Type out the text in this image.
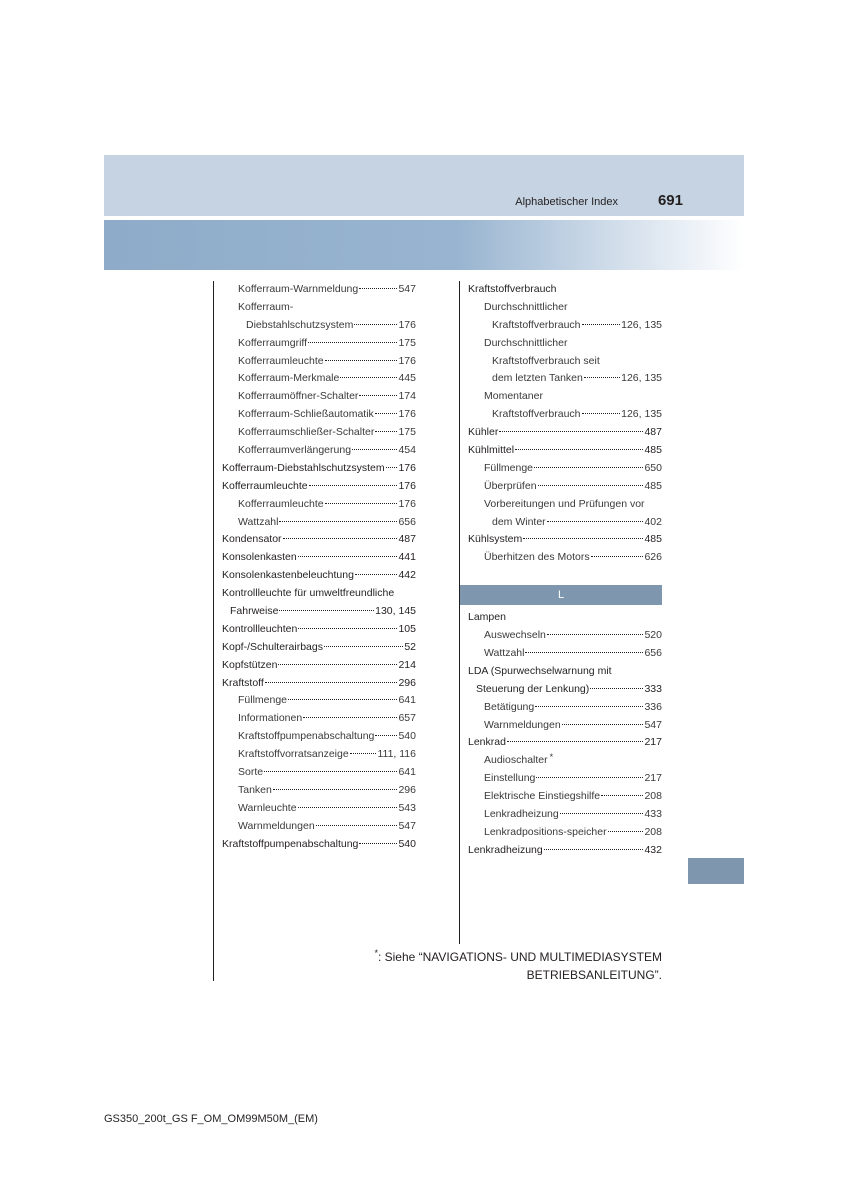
Alphabetischer Index	691
Kofferraum-Warnmeldung	547
Kofferraum-
Diebstahlschutzsystem	176
Kofferraumgriff	175
Kofferraumleuchte	176
Kofferraum-Merkmale	445
Kofferraumöffner-Schalter	174
Kofferraum-Schließautomatik 176
Kofferraumschließer-Schalter 175
Kofferraumverlängerung	454
Kofferraum-Diebstahlschutzsystem 176
Kofferraumleuchte	176
Kofferraumleuchte	176
Wattzahl	656
Kondensator	487
Konsolenkasten	441
Konsolenkastenbeleuchtung	442
Kontrollleuchte für umweltfreundliche
Fahrweise	130, 145
Kontrollleuchten	105
Kopf-/Schulterairbags	52
Kopfstützen	214
Kraftstoff	296
Füllmenge	641
Informationen	657
Kraftstoffpumpenabschaltung 540
Kraftstoffvorratsanzeige	111, 116
Sorte	641
Tanken	296
Warnleuchte	543
Warnmeldungen	547
Kraftstoffpumpenabschaltung	540
Kraftstoffverbrauch
Durchschnittlicher
Kraftstoffverbrauch	126, 135
Durchschnittlicher
Kraftstoffverbrauch seit
dem letzten Tanken	126, 135
Momentaner
Kraftstoffverbrauch	126, 135
Kühler	487
Kühlmittel	485
Füllmenge	650
Überprüfen	485
Vorbereitungen und Prüfungen vor
dem Winter	402
Kühlsystem	485
Überhitzen des Motors	626
L
Lampen
Auswechseln	520
Wattzahl	656
LDA (Spurwechselwarnung mit
Steuerung der Lenkung)	333
Betätigung	336
Warnmeldungen	547
Lenkrad	217
Audioschalter *
Einstellung	217
Elektrische Einstiegshilfe	208
Lenkradheizung	433
Lenkradpositions-speicher	208
Lenkradheizung	432
*: Siehe “NAVIGATIONS- UND MULTIMEDIASYSTEM
BETRIEBSANLEITUNG”.
GS350_200t_GS F_OM_OM99M50M_(EM)
